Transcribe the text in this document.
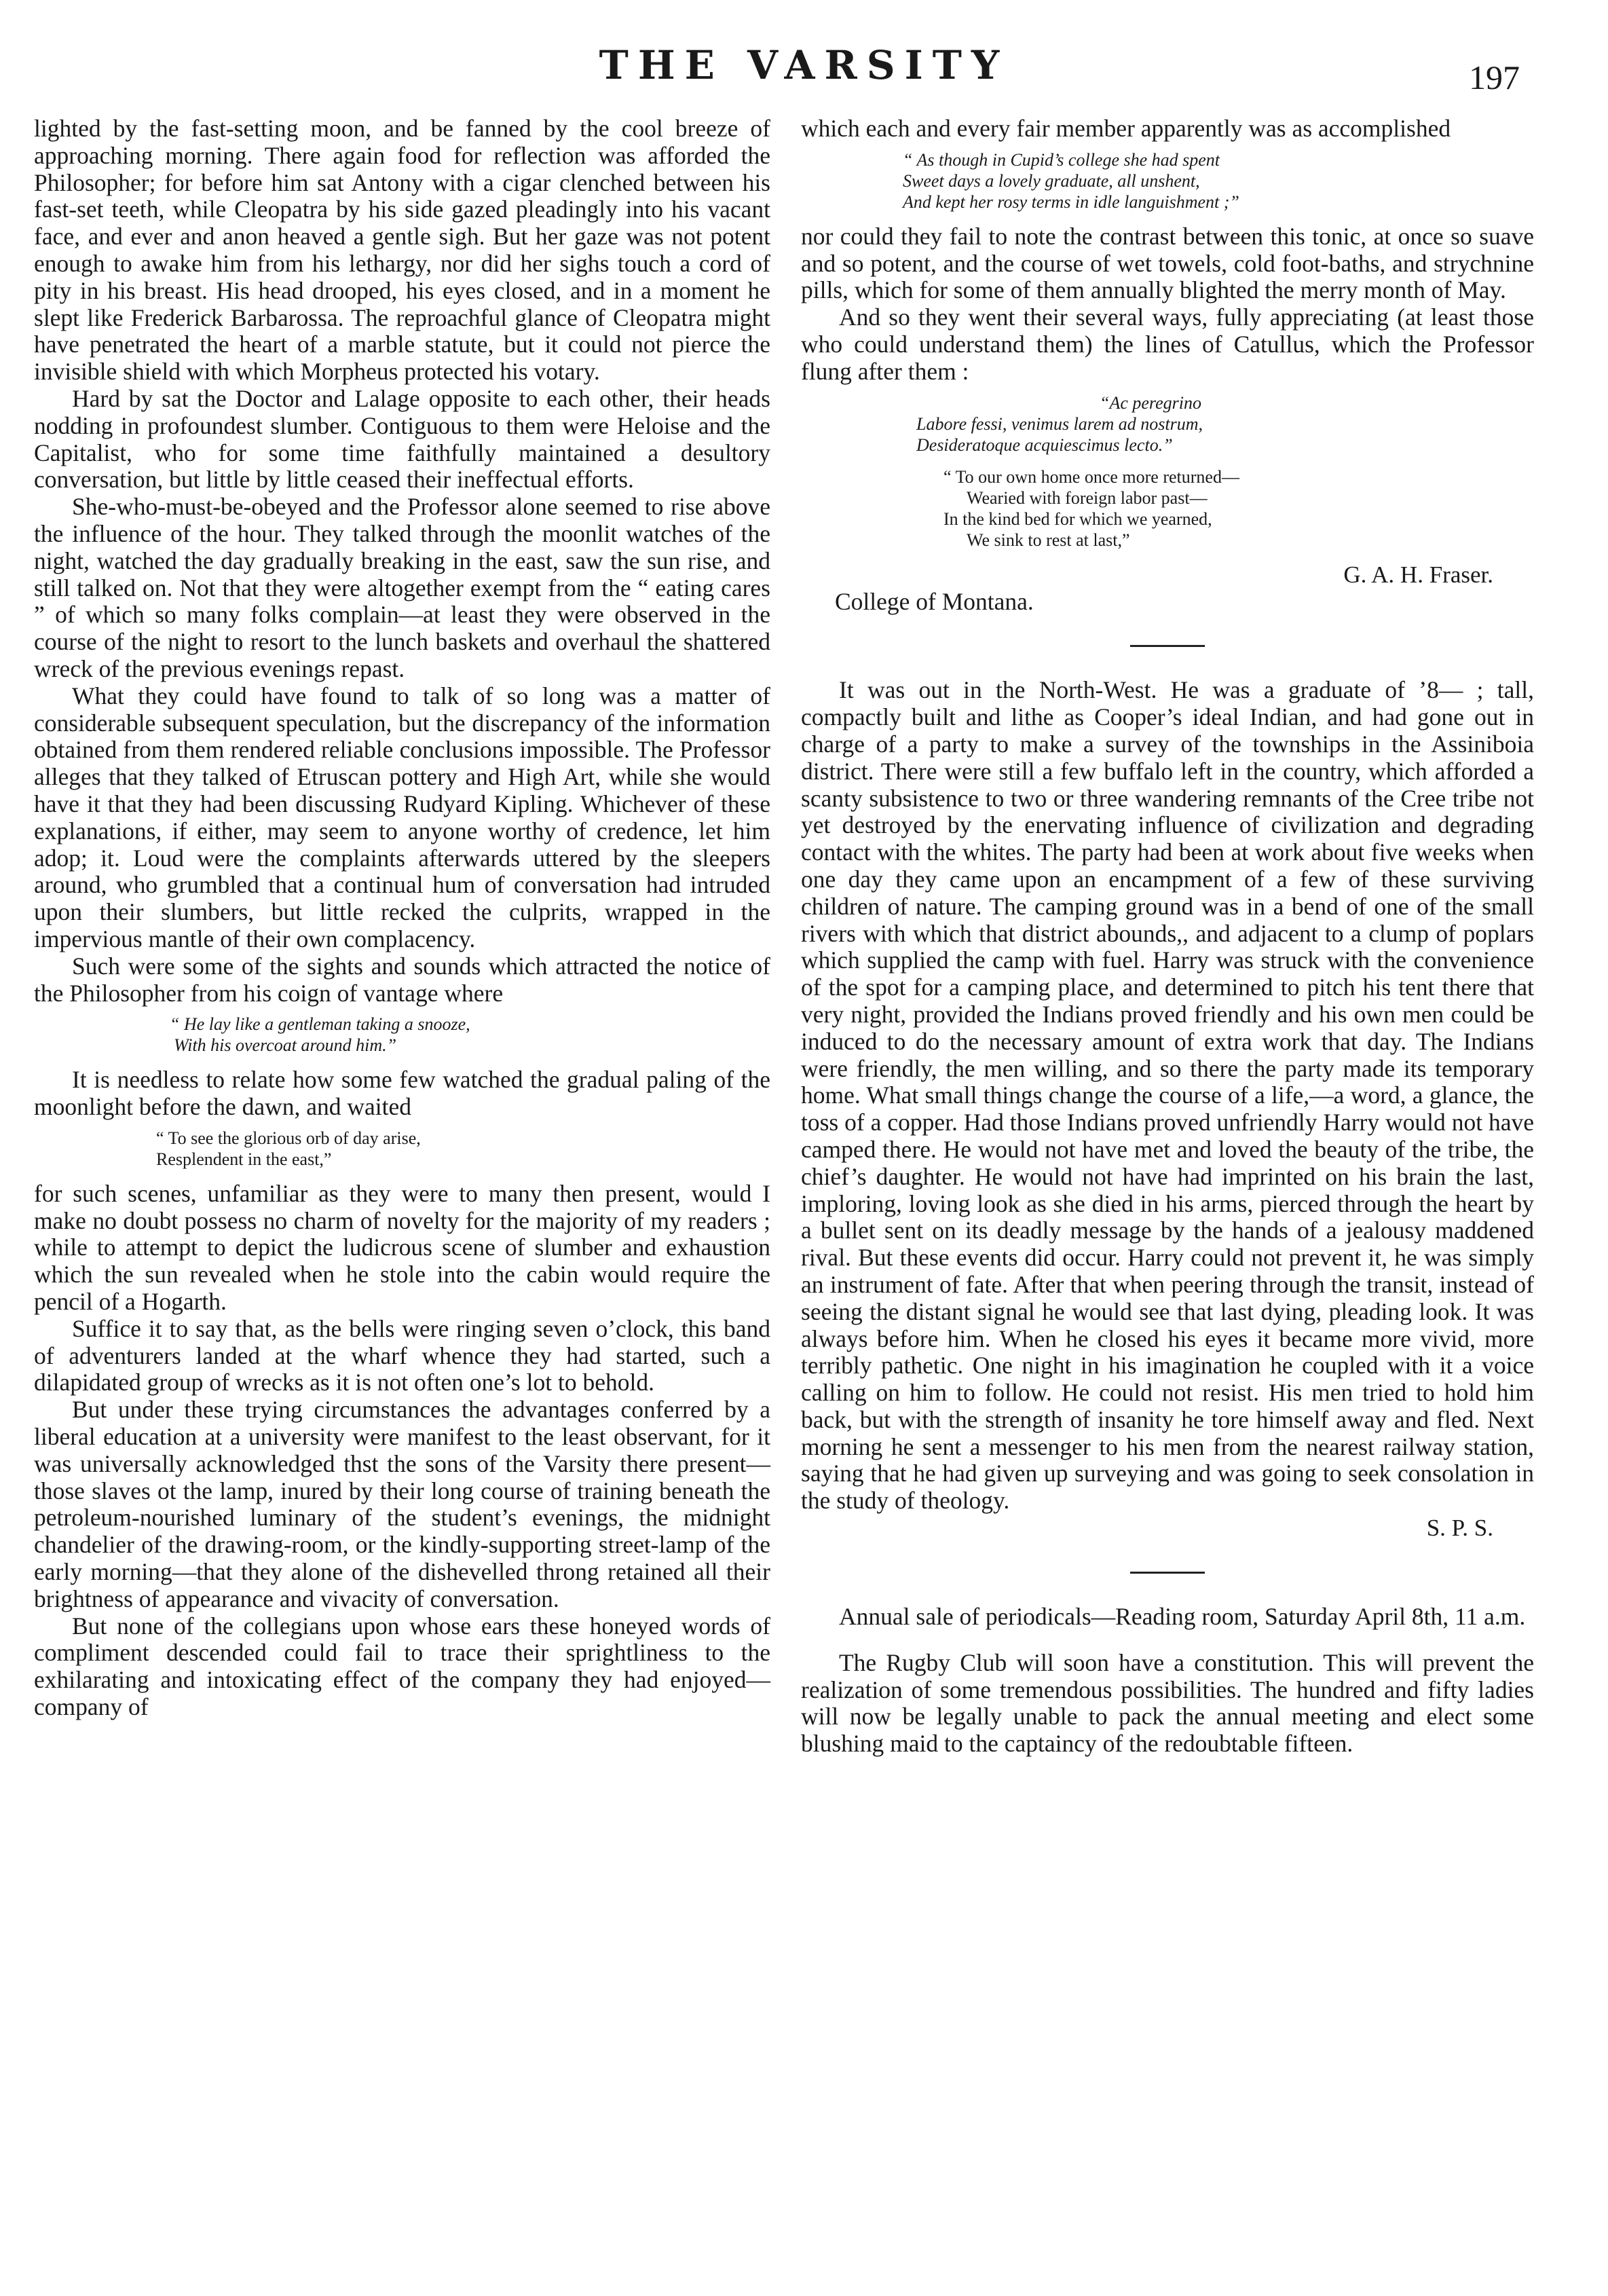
THE VARSITY	197

lighted by the fast-setting moon, and be fanned by the cool breeze of approaching morning. There again food for reflection was afforded the Philosopher; for before him sat Antony with a cigar clenched between his fast-set teeth, while Cleopatra by his side gazed pleadingly into his vacant face, and ever and anon heaved a gentle sigh. But her gaze was not potent enough to awake him from his lethargy, nor did her sighs touch a cord of pity in his breast. His head drooped, his eyes closed, and in a moment he slept like Frederick Barbarossa. The reproachful glance of Cleopatra might have penetrated the heart of a marble statute, but it could not pierce the invisible shield with which Morpheus protected his votary.

Hard by sat the Doctor and Lalage opposite to each other, their heads nodding in profoundest slumber. Contiguous to them were Heloise and the Capitalist, who for some time faithfully maintained a desultory conversation, but little by little ceased their ineffectual efforts.

She-who-must-be-obeyed and the Professor alone seemed to rise above the influence of the hour. They talked through the moonlit watches of the night, watched the day gradually breaking in the east, saw the sun rise, and still talked on. Not that they were altogether exempt from the “ eating cares ” of which so many folks complain—at least they were observed in the course of the night to resort to the lunch baskets and overhaul the shattered wreck of the previous evenings repast.

What they could have found to talk of so long was a matter of considerable subsequent speculation, but the discrepancy of the information obtained from them rendered reliable conclusions impossible. The Professor alleges that they talked of Etruscan pottery and High Art, while she would have it that they had been discussing Rudyard Kipling. Whichever of these explanations, if either, may seem to anyone worthy of credence, let him adop; it. Loud were the complaints afterwards uttered by the sleepers around, who grumbled that a continual hum of conversation had intruded upon their slumbers, but little recked the culprits, wrapped in the impervious mantle of their own complacency.

Such were some of the sights and sounds which attracted the notice of the Philosopher from his coign of vantage where

“ He lay like a gentleman taking a snooze,
With his overcoat around him.”

It is needless to relate how some few watched the gradual paling of the moonlight before the dawn, and waited

“ To see the glorious orb of day arise,
Resplendent in the east,”

for such scenes, unfamiliar as they were to many then present, would I make no doubt possess no charm of novelty for the majority of my readers ; while to attempt to depict the ludicrous scene of slumber and exhaustion which the sun revealed when he stole into the cabin would require the pencil of a Hogarth.

Suffice it to say that, as the bells were ringing seven o’clock, this band of adventurers landed at the wharf whence they had started, such a dilapidated group of wrecks as it is not often one’s lot to behold.

But under these trying circumstances the advantages conferred by a liberal education at a university were manifest to the least observant, for it was universally acknowledged thst the sons of the Varsity there present—those slaves ot the lamp, inured by their long course of training beneath the petroleum-nourished luminary of the student’s evenings, the midnight chandelier of the drawing-room, or the kindly-supporting street-lamp of the early morning—that they alone of the dishevelled throng retained all their brightness of appearance and vivacity of conversation.

But none of the collegians upon whose ears these honeyed words of compliment descended could fail to trace their sprightliness to the exhilarating and intoxicating effect of the company they had enjoyed—company of

which each and every fair member apparently was as accomplished

“ As though in Cupid’s college she had spent
Sweet days a lovely graduate, all unshent,
And kept her rosy terms in idle languishment ;”

nor could they fail to note the contrast between this tonic, at once so suave and so potent, and the course of wet towels, cold foot-baths, and strychnine pills, which for some of them annually blighted the merry month of May.

And so they went their several ways, fully appreciating (at least those who could understand them) the lines of Catullus, which the Professor flung after them :

“Ac peregrino
Labore fessi, venimus larem ad nostrum,
Desideratoque acquiescimus lecto.”
“ To our own home once more returned—
Wearied with foreign labor past—
In the kind bed for which we yearned,
We sink to rest at last,”
G. A. H. Fraser.

College of Montana.

It was out in the North-West. He was a graduate of ’8— ; tall, compactly built and lithe as Cooper’s ideal Indian, and had gone out in charge of a party to make a survey of the townships in the Assiniboia district. There were still a few buffalo left in the country, which afforded a scanty subsistence to two or three wandering remnants of the Cree tribe not yet destroyed by the enervating influence of civilization and degrading contact with the whites. The party had been at work about five weeks when one day they came upon an encampment of a few of these surviving children of nature. The camping ground was in a bend of one of the small rivers with which that district abounds,, and adjacent to a clump of poplars which supplied the camp with fuel. Harry was struck with the convenience of the spot for a camping place, and determined to pitch his tent there that very night, provided the Indians proved friendly and his own men could be induced to do the necessary amount of extra work that day. The Indians were friendly, the men willing, and so there the party made its temporary home. What small things change the course of a life,—a word, a glance, the toss of a copper. Had those Indians proved unfriendly Harry would not have camped there. He would not have met and loved the beauty of the tribe, the chief’s daughter. He would not have had imprinted on his brain the last, imploring, loving look as she died in his arms, pierced through the heart by a bullet sent on its deadly message by the hands of a jealousy maddened rival. But these events did occur. Harry could not prevent it, he was simply an instrument of fate. After that when peering through the transit, instead of seeing the distant signal he would see that last dying, pleading look. It was always before him. When he closed his eyes it became more vivid, more terribly pathetic. One night in his imagination he coupled with it a voice calling on him to follow. He could not resist. His men tried to hold him back, but with the strength of insanity he tore himself away and fled. Next morning he sent a messenger to his men from the nearest railway station, saying that he had given up surveying and was going to seek consolation in the study of theology.

S. P. S.

Annual sale of periodicals—Reading room, Saturday April 8th, 11 a.m.

The Rugby Club will soon have a constitution. This will prevent the realization of some tremendous possibilities. The hundred and fifty ladies will now be legally unable to pack the annual meeting and elect some blushing maid to the captaincy of the redoubtable fifteen.
